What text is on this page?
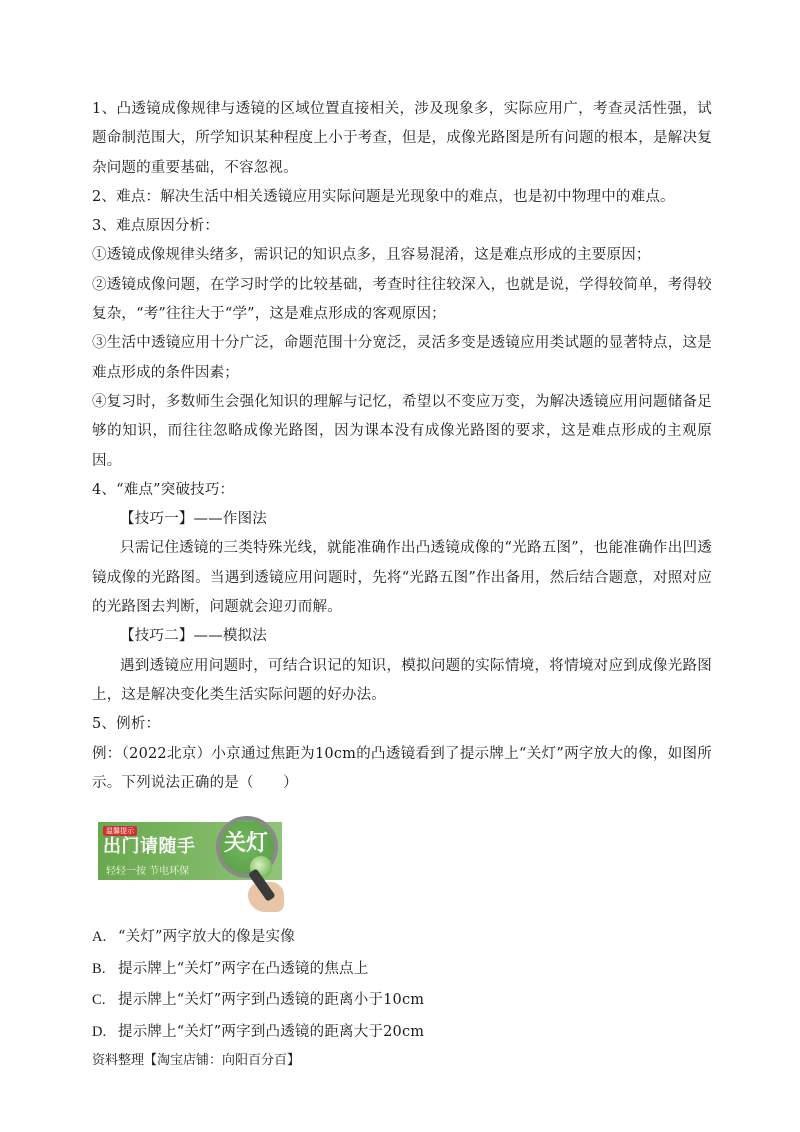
1、凸透镜成像规律与透镜的区域位置直接相关，涉及现象多，实际应用广，考查灵活性强，试题命制范围大，所学知识某种程度上小于考查，但是，成像光路图是所有问题的根本，是解决复杂问题的重要基础，不容忽视。

2、难点：解决生活中相关透镜应用实际问题是光现象中的难点，也是初中物理中的难点。

3、难点原因分析：

①透镜成像规律头绪多，需识记的知识点多，且容易混淆，这是难点形成的主要原因；

②透镜成像问题，在学习时学的比较基础，考查时往往较深入，也就是说，学得较简单，考得较复杂，“考”往往大于“学”，这是难点形成的客观原因；

③生活中透镜应用十分广泛，命题范围十分宽泛，灵活多变是透镜应用类试题的显著特点，这是难点形成的条件因素；

④复习时，多数师生会强化知识的理解与记忆，希望以不变应万变，为解决透镜应用问题储备足够的知识，而往往忽略成像光路图，因为课本没有成像光路图的要求，这是难点形成的主观原因。

4、“难点”突破技巧：

【技巧一】——作图法

只需记住透镜的三类特殊光线，就能准确作出凸透镜成像的“光路五图”，也能准确作出凹透镜成像的光路图。当遇到透镜应用问题时，先将“光路五图”作出备用，然后结合题意，对照对应的光路图去判断，问题就会迎刃而解。

【技巧二】——模拟法

遇到透镜应用问题时，可结合识记的知识，模拟问题的实际情境，将情境对应到成像光路图上，这是解决变化类生活实际问题的好办法。

5、例析：

例：（2022北京）小京通过焦距为10cm的凸透镜看到了提示牌上“关灯”两字放大的像，如图所示。下列说法正确的是（　　）

温馨提示
出门请随手
轻轻一按 节电环保
关灯

A. “关灯”两字放大的像是实像

B. 提示牌上“关灯”两字在凸透镜的焦点上

C. 提示牌上“关灯”两字到凸透镜的距离小于10cm

D. 提示牌上“关灯”两字到凸透镜的距离大于20cm

资料整理【淘宝店铺：向阳百分百】
